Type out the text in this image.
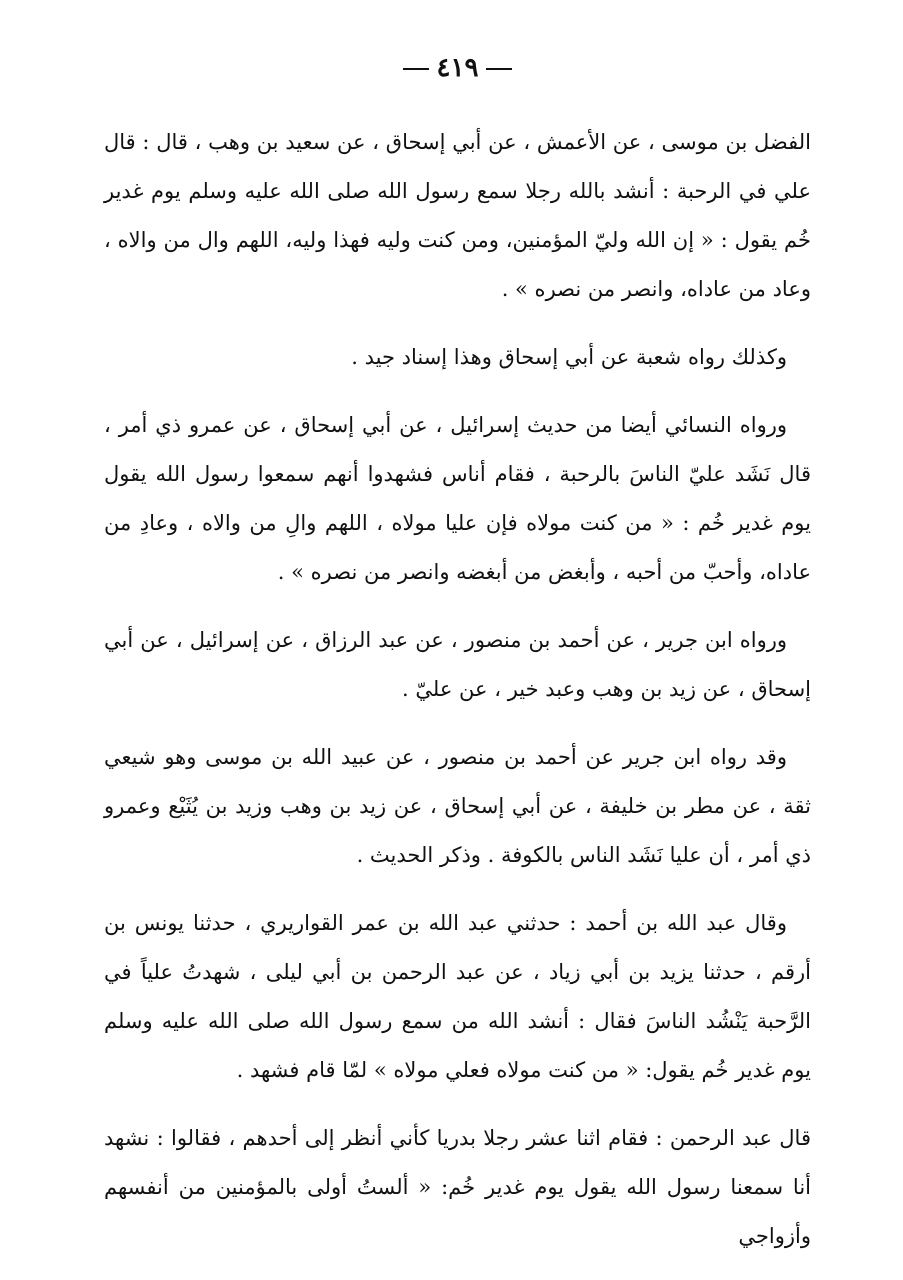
٤١٩

الفضل بن موسى ، عن الأعمش ، عن أبي إسحاق ، عن سعيد بن وهب ، قال : قال علي في الرحبة : أنشد بالله رجلا سمع رسول الله صلى الله عليه وسلم يوم غدير خُم يقول : « إن الله وليّ المؤمنين، ومن كنت وليه فهذا وليه، اللهم وال من والاه ، وعاد من عاداه، وانصر من نصره » .

وكذلك رواه شعبة عن أبي إسحاق وهذا إسناد جيد .

ورواه النسائي أيضا من حديث إسرائيل ، عن أبي إسحاق ، عن عمرو ذي أمر ، قال نَشَد عليّ الناسَ بالرحبة ، فقام أناس فشهدوا أنهم سمعوا رسول الله يقول يوم غدير خُم : « من كنت مولاه فإن عليا مولاه ، اللهم والِ من والاه ، وعادِ من عاداه، وأحبّ من أحبه ، وأبغض من أبغضه وانصر من نصره » .

ورواه ابن جرير ، عن أحمد بن منصور ، عن عبد الرزاق ، عن إسرائيل ، عن أبي إسحاق ، عن زيد بن وهب وعبد خير ، عن عليّ .

وقد رواه ابن جرير عن أحمد بن منصور ، عن عبيد الله بن موسى وهو شيعي ثقة ، عن مطر بن خليفة ، عن أبي إسحاق ، عن زيد بن وهب وزيد بن يُثَيْع وعمرو ذي أمر ، أن عليا نَشَد الناس بالكوفة . وذكر الحديث .

وقال عبد الله بن أحمد : حدثني عبد الله بن عمر القواريري ، حدثنا يونس بن أرقم ، حدثنا يزيد بن أبي زياد ، عن عبد الرحمن بن أبي ليلى ، شهدتُ علياً في الرَّحبة يَنْشُد الناسَ فقال : أنشد الله من سمع رسول الله صلى الله عليه وسلم يوم غدير خُم يقول: « من كنت مولاه فعلي مولاه » لمّا قام فشهد .

قال عبد الرحمن : فقام اثنا عشر رجلا بدريا كأني أنظر إلى أحدهم ، فقالوا : نشهد أنا سمعنا رسول الله يقول يوم غدير خُم: « ألستُ أولى بالمؤمنين من أنفسهم وأزواجي
